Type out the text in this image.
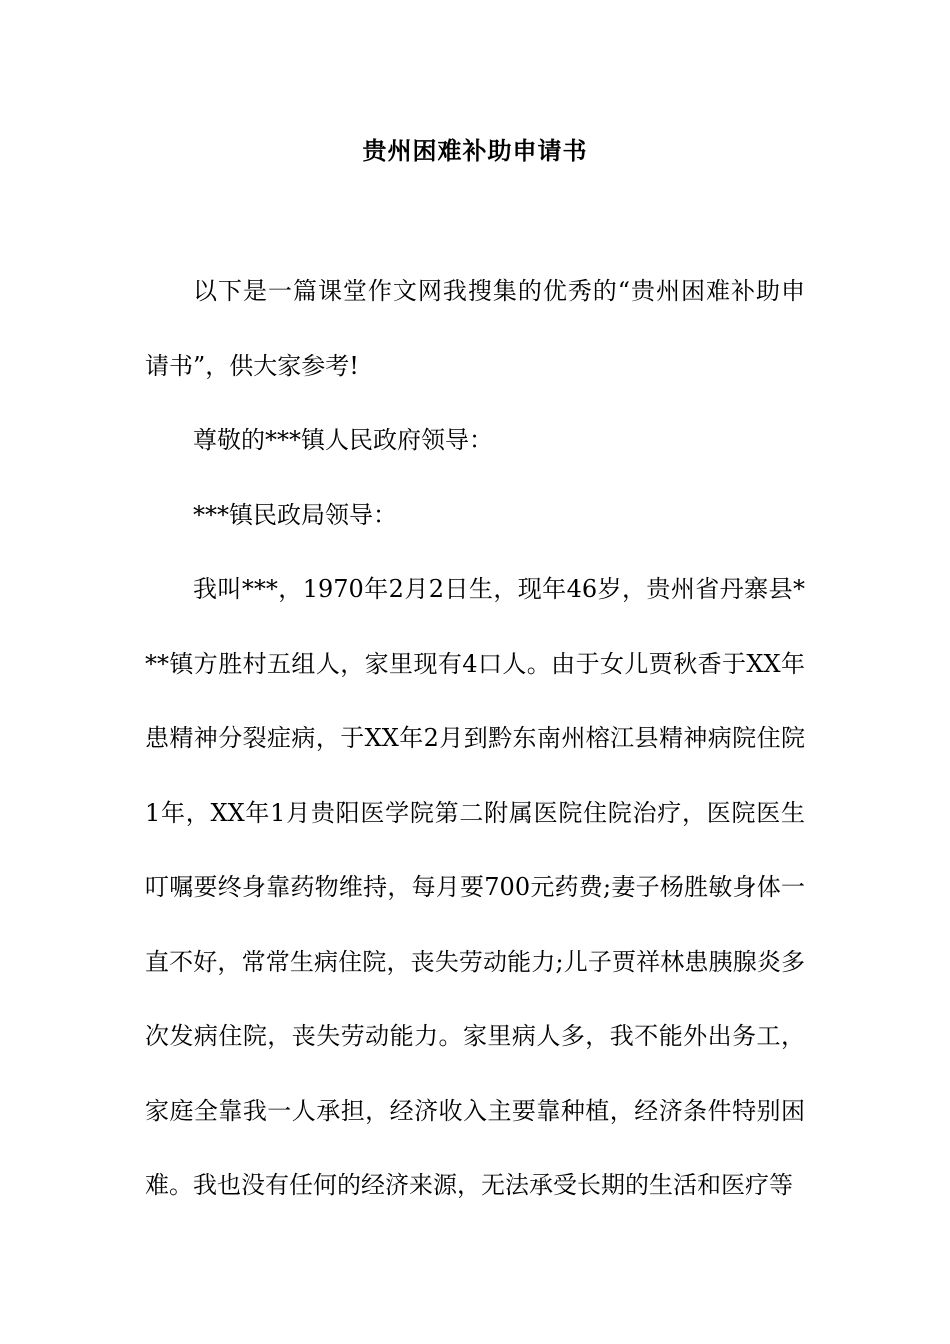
贵州困难补助申请书

以下是一篇课堂作文网我搜集的优秀的“贵州困难补助申请书”，供大家参考!

尊敬的***镇人民政府领导：

***镇民政局领导：

我叫***，1970年2月2日生，现年46岁，贵州省丹寨县***镇方胜村五组人，家里现有4口人。由于女儿贾秋香于XX年患精神分裂症病，于XX年2月到黔东南州榕江县精神病院住院1年，XX年1月贵阳医学院第二附属医院住院治疗，医院医生叮嘱要终身靠药物维持，每月要700元药费;妻子杨胜敏身体一直不好，常常生病住院，丧失劳动能力;儿子贾祥林患胰腺炎多次发病住院，丧失劳动能力。家里病人多，我不能外出务工，家庭全靠我一人承担，经济收入主要靠种植，经济条件特别困难。我也没有任何的经济来源，无法承受长期的生活和医疗等
